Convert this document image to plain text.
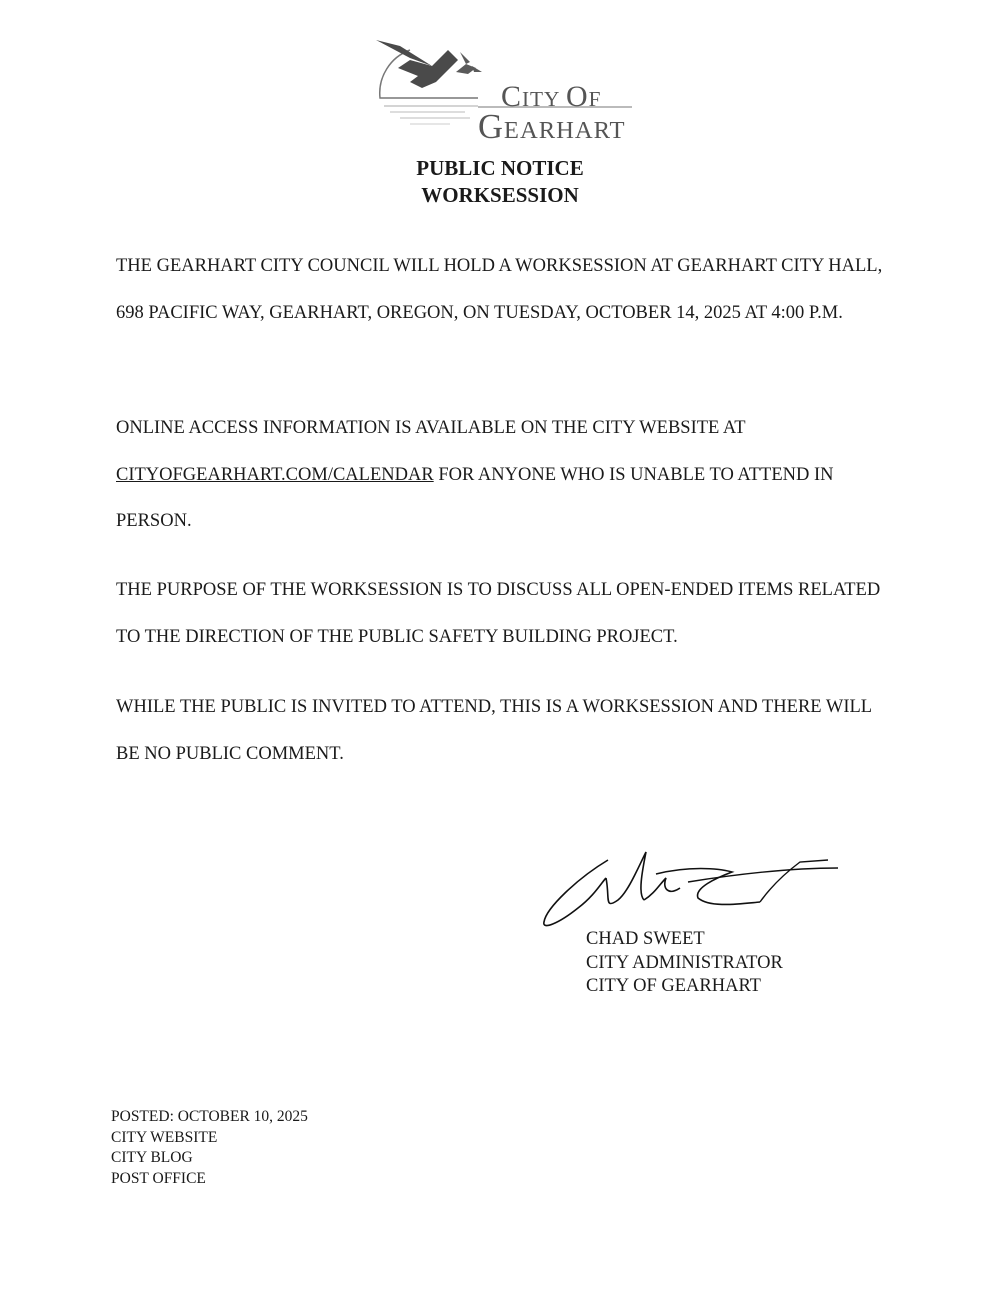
CITY OF
GEARHART
PUBLIC NOTICE
WORKSESSION

THE GEARHART CITY COUNCIL WILL HOLD A WORKSESSION AT GEARHART CITY HALL, 698 PACIFIC WAY, GEARHART, OREGON, ON TUESDAY, OCTOBER 14, 2025 AT 4:00 P.M.

ONLINE ACCESS INFORMATION IS AVAILABLE ON THE CITY WEBSITE AT CITYOFGEARHART.COM/CALENDAR FOR ANYONE WHO IS UNABLE TO ATTEND IN PERSON.

THE PURPOSE OF THE WORKSESSION IS TO DISCUSS ALL OPEN-ENDED ITEMS RELATED TO THE DIRECTION OF THE PUBLIC SAFETY BUILDING PROJECT.

WHILE THE PUBLIC IS INVITED TO ATTEND, THIS IS A WORKSESSION AND THERE WILL BE NO PUBLIC COMMENT.

CHAD SWEET
CITY ADMINISTRATOR
CITY OF GEARHART
POSTED: OCTOBER 10, 2025
CITY WEBSITE
CITY BLOG
POST OFFICE
